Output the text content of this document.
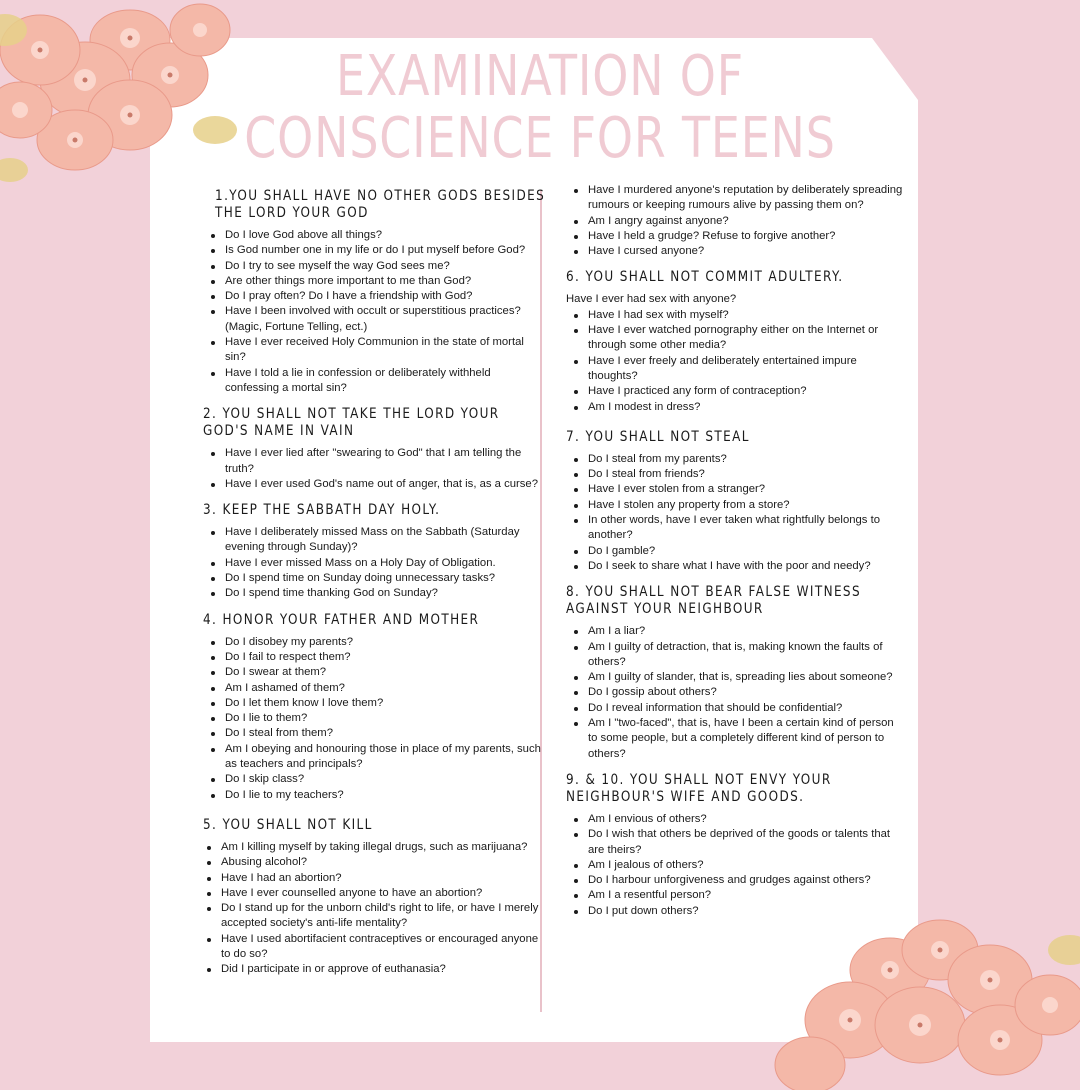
EXAMINATION OF
CONSCIENCE FOR TEENS
1.YOU SHALL HAVE NO OTHER GODS BESIDES THE LORD YOUR GOD
Do I love God above all things?
Is God number one in my life or do I put myself before God?
Do I try to see myself the way God sees me?
Are other things more important to me than God?
Do I pray often? Do I have a friendship with God?
Have I been involved with occult or superstitious practices? (Magic, Fortune Telling, ect.)
Have I ever received Holy Communion in the state of mortal sin?
Have I told a lie in confession or deliberately withheld confessing a mortal sin?
2. YOU SHALL NOT TAKE THE LORD YOUR GOD'S NAME IN VAIN
Have I ever lied after "swearing to God" that I am telling the truth?
Have I ever used God's name out of anger, that is, as a curse?
3. KEEP THE SABBATH DAY HOLY.
Have I deliberately missed Mass on the Sabbath (Saturday evening through Sunday)?
Have I ever missed Mass on a Holy Day of Obligation.
Do I spend time on Sunday doing unnecessary tasks?
Do I spend time thanking God on Sunday?
4. HONOR YOUR FATHER AND MOTHER
Do I disobey my parents?
Do I fail to respect them?
Do I swear at them?
Am I ashamed of them?
Do I let them know I love them?
Do I lie to them?
Do I steal from them?
Am I obeying and honouring those in place of my parents, such as teachers and principals?
Do I skip class?
Do I lie to my teachers?
5. YOU SHALL NOT KILL
Am I killing myself by taking illegal drugs, such as marijuana?
Abusing alcohol?
Have I had an abortion?
Have I ever counselled anyone to have an abortion?
Do I stand up for the unborn child's right to life, or have I merely accepted society's anti-life mentality?
Have I used abortifacient contraceptives or encouraged anyone to do so?
Did I participate in or approve of euthanasia?
Have I murdered anyone's reputation by deliberately spreading rumours or keeping rumours alive by passing them on?
Am I angry against anyone?
Have I held a grudge? Refuse to forgive another?
Have I cursed anyone?
6. YOU SHALL NOT COMMIT ADULTERY.
Have I ever had sex with anyone?
Have I had sex with myself?
Have I ever watched pornography either on the Internet or through some other media?
Have I ever freely and deliberately entertained impure thoughts?
Have I practiced any form of contraception?
Am I modest in dress?
7. YOU SHALL NOT STEAL
Do I steal from my parents?
Do I steal from friends?
Have I ever stolen from a stranger?
Have I stolen any property from a store?
In other words, have I ever taken what rightfully belongs to another?
Do I gamble?
Do I seek to share what I have with the poor and needy?
8. YOU SHALL NOT BEAR FALSE WITNESS AGAINST YOUR NEIGHBOUR
Am I a liar?
Am I guilty of detraction, that is, making known the faults of others?
Am I guilty of slander, that is, spreading lies about someone?
Do I gossip about others?
Do I reveal information that should be confidential?
Am I "two-faced", that is, have I been a certain kind of person to some people, but a completely different kind of person to others?
9. & 10. YOU SHALL NOT ENVY YOUR NEIGHBOUR'S WIFE AND GOODS.
Am I envious of others?
Do I wish that others be deprived of the goods or talents that are theirs?
Am I jealous of others?
Do I harbour unforgiveness and grudges against others?
Am I a resentful person?
Do I put down others?
